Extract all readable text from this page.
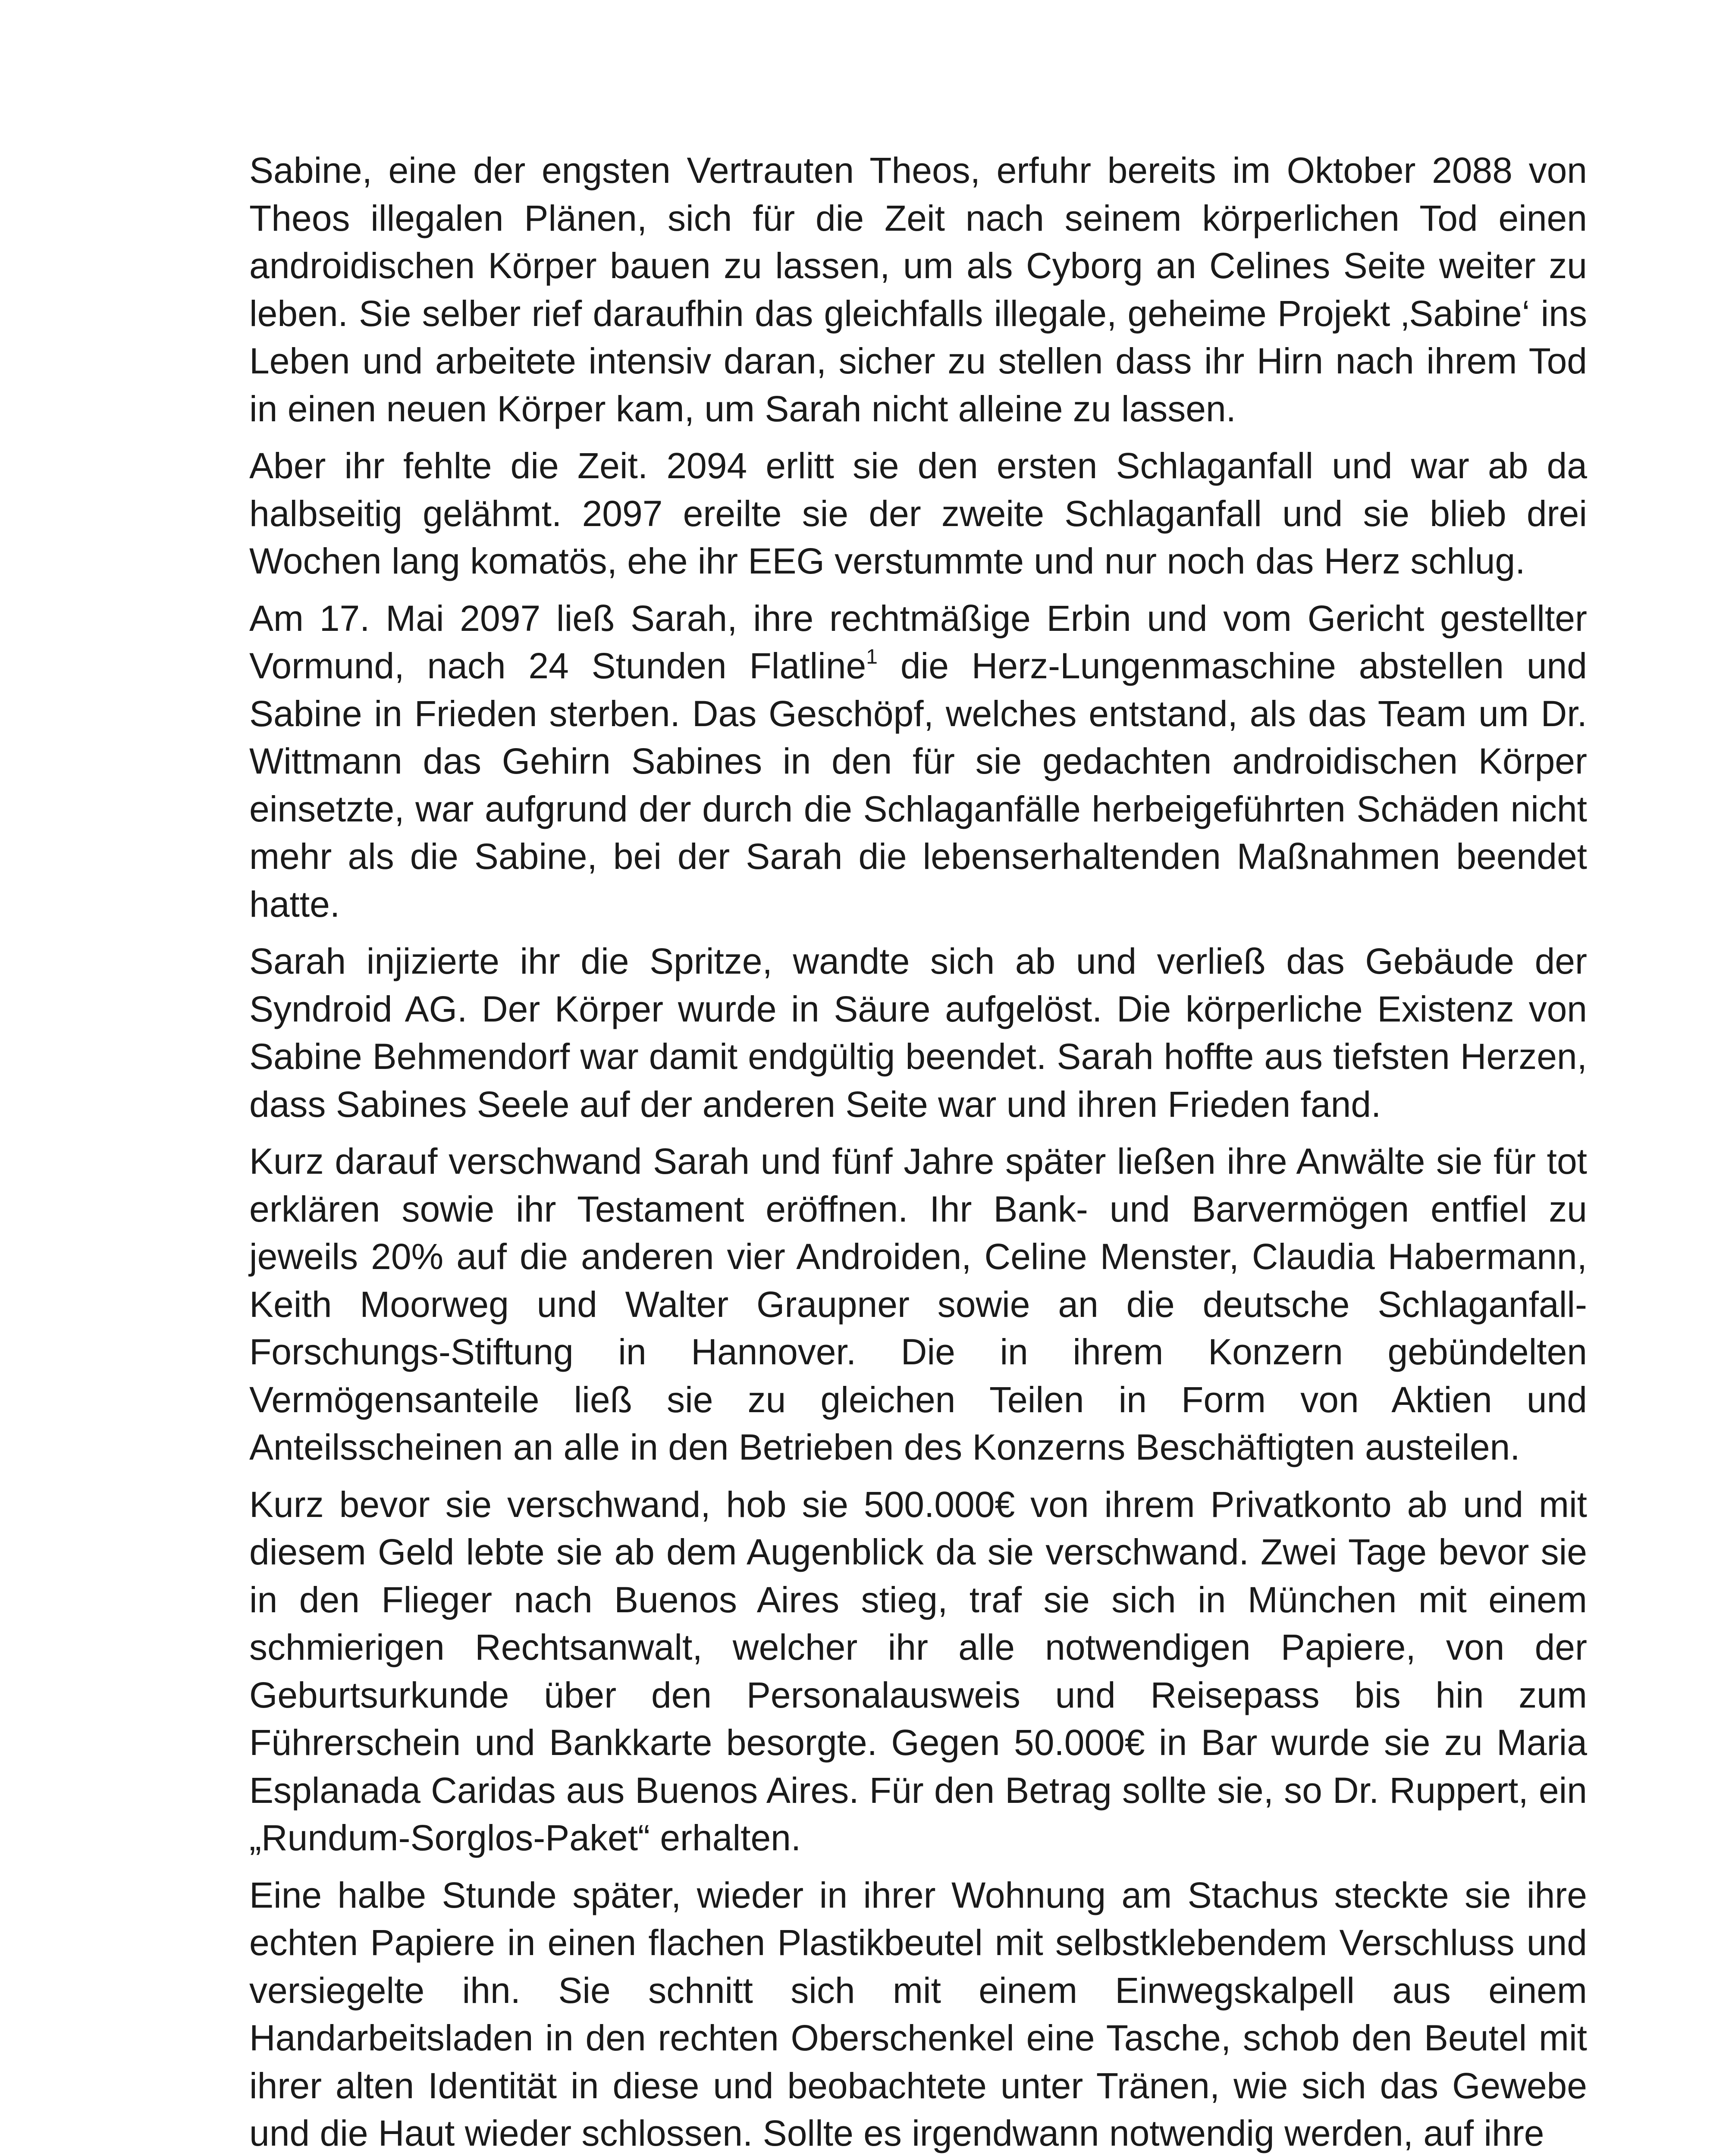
Sabine, eine der engsten Vertrauten Theos, erfuhr bereits im Oktober 2088 von Theos illegalen Plänen, sich für die Zeit nach seinem körperlichen Tod einen androidischen Körper bauen zu lassen, um als Cyborg an Celines Seite weiter zu leben. Sie selber rief daraufhin das gleichfalls illegale, geheime Projekt ‚Sabine‘ ins Leben und arbeitete intensiv daran, sicher zu stellen dass ihr Hirn nach ihrem Tod in einen neuen Körper kam, um Sarah nicht alleine zu lassen.

Aber ihr fehlte die Zeit. 2094 erlitt sie den ersten Schlaganfall und war ab da halbseitig gelähmt. 2097 ereilte sie der zweite Schlaganfall und sie blieb drei Wochen lang komatös, ehe ihr EEG verstummte und nur noch das Herz schlug.

Am 17. Mai 2097 ließ Sarah, ihre rechtmäßige Erbin und vom Gericht gestellter Vormund, nach 24 Stunden Flatline$^1$ die Herz-Lungenmaschine abstellen und Sabine in Frieden sterben. Das Geschöpf, welches entstand, als das Team um Dr. Wittmann das Gehirn Sabines in den für sie gedachten androidischen Körper einsetzte, war aufgrund der durch die Schlaganfälle herbeigeführten Schäden nicht mehr als die Sabine, bei der Sarah die lebenserhaltenden Maßnahmen beendet hatte.

Sarah injizierte ihr die Spritze, wandte sich ab und verließ das Gebäude der Syndroid AG. Der Körper wurde in Säure aufgelöst. Die körperliche Existenz von Sabine Behmendorf war damit endgültig beendet. Sarah hoffte aus tiefsten Herzen, dass Sabines Seele auf der anderen Seite war und ihren Frieden fand.

Kurz darauf verschwand Sarah und fünf Jahre später ließen ihre Anwälte sie für tot erklären sowie ihr Testament eröffnen. Ihr Bank- und Barvermögen entfiel zu jeweils 20% auf die anderen vier Androiden, Celine Menster, Claudia Habermann, Keith Moorweg und Walter Graupner sowie an die deutsche Schlaganfall-Forschungs-Stiftung in Hannover. Die in ihrem Konzern gebündelten Vermögensanteile ließ sie zu gleichen Teilen in Form von Aktien und Anteilsscheinen an alle in den Betrieben des Konzerns Beschäftigten austeilen.

Kurz bevor sie verschwand, hob sie 500.000€ von ihrem Privatkonto ab und mit diesem Geld lebte sie ab dem Augenblick da sie verschwand. Zwei Tage bevor sie in den Flieger nach Buenos Aires stieg, traf sie sich in München mit einem schmierigen Rechtsanwalt, welcher ihr alle notwendigen Papiere, von der Geburtsurkunde über den Personalausweis und Reisepass bis hin zum Führerschein und Bankkarte besorgte. Gegen 50.000€ in Bar wurde sie zu Maria Esplanada Caridas aus Buenos Aires. Für den Betrag sollte sie, so Dr. Ruppert, ein „Rundum-Sorglos-Paket“ erhalten.

Eine halbe Stunde später, wieder in ihrer Wohnung am Stachus steckte sie ihre echten Papiere in einen flachen Plastikbeutel mit selbstklebendem Verschluss und versiegelte ihn. Sie schnitt sich mit einem Einwegskalpell aus einem Handarbeitsladen in den rechten Oberschenkel eine Tasche, schob den Beutel mit ihrer alten Identität in diese und beobachtete unter Tränen, wie sich das Gewebe und die Haut wieder schlossen. Sollte es irgendwann notwendig werden, auf ihre
